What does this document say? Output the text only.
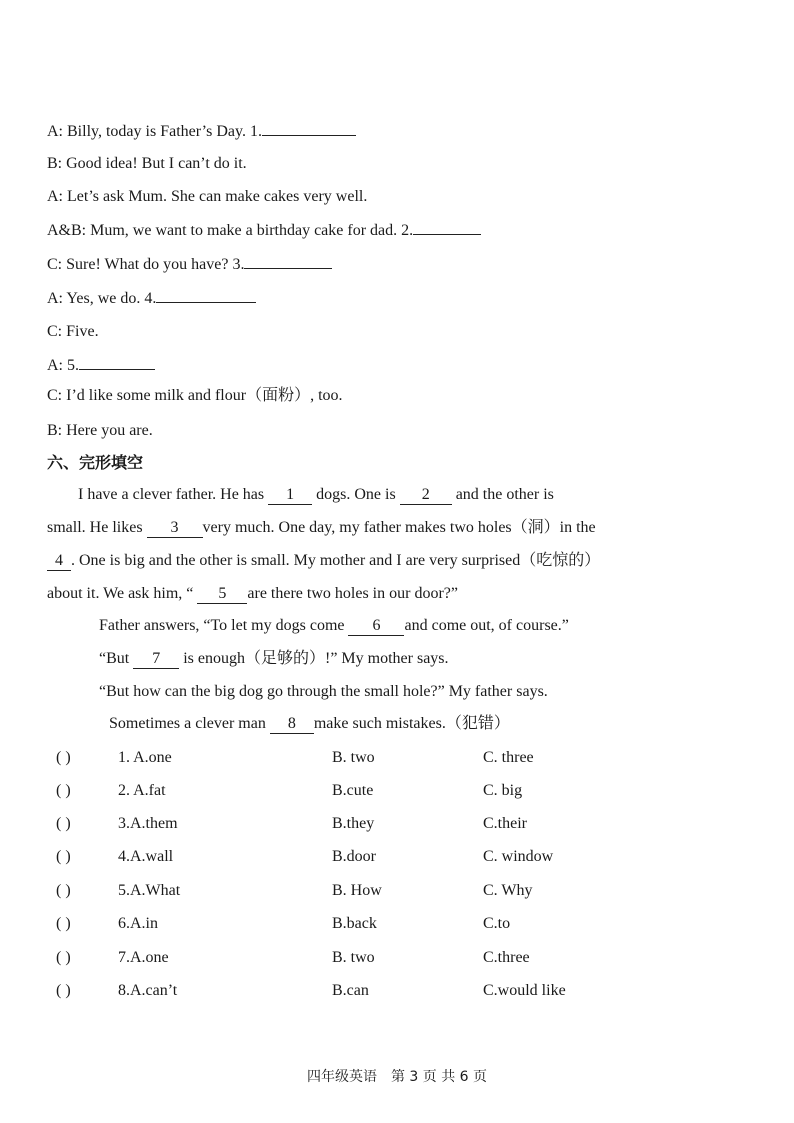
A: Billy, today is Father’s Day. 1.
B: Good idea! But I can’t do it.
A: Let’s ask Mum. She can make cakes very well.
A&B: Mum, we want to make a birthday cake for dad. 2.
C: Sure! What do you have? 3.
A: Yes, we do. 4.
C: Five.
A: 5.
C: I’d like some milk and flour（面粉）, too.
B: Here you are.
六、完形填空
I have a clever father. He has 1 dogs. One is 2 and the other is
small. He likes 3 very much. One day, my father makes two holes（洞）in the
4 . One is big and the other is small. My mother and I are very surprised（吃惊的）
about it. We ask him, “ 5 are there two holes in our door?”
Father answers, “To let my dogs come 6 and come out, of course.”
“But 7 is enough（足够的）!” My mother says.
“But how can the big dog go through the small hole?” My father says.
Sometimes a clever man 8 make such mistakes.（犯错）
( )	1. A.one	B. two	C. three
( )	2. A.fat	B.cute	C. big
( )	3.A.them	B.they	C.their
( )	4.A.wall	B.door	C. window
( )	5.A.What	B. How	C. Why
( )	6.A.in	B.back	C.to
( )	7.A.one	B. two	C.three
( )	8.A.can’t	B.can	C.would like
四年级英语　第 3 页 共 6 页
